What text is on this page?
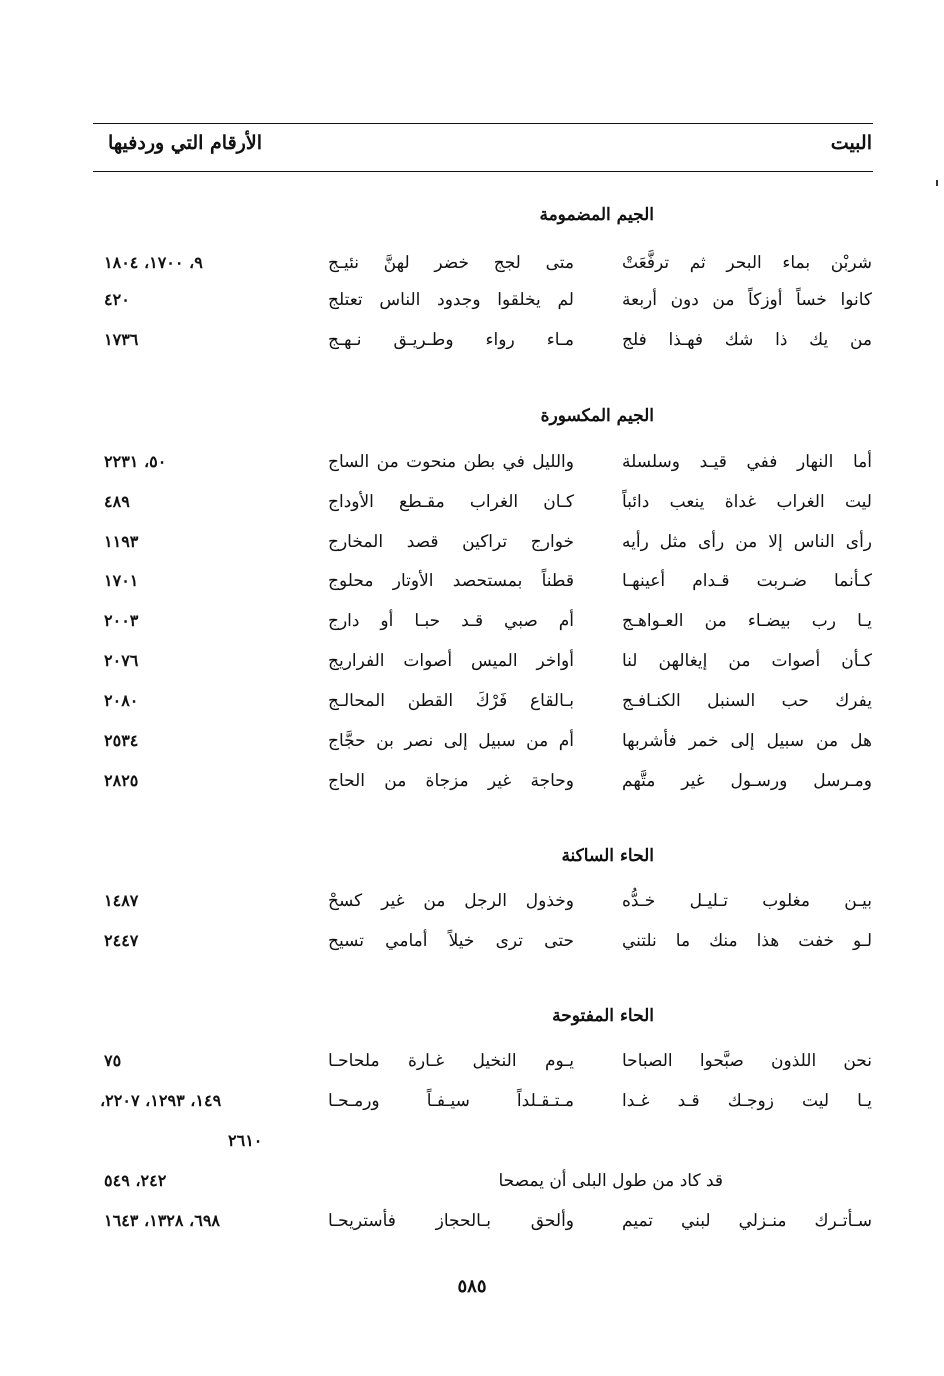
البيت
الأرقام التي وردفيها
الجيم المضمومة
شربْن بماء البحر ثم ترفَّعَتْ
متى لجج خضر لهنَّ نئيـج
٩، ١٧٠٠، ١٨٠٤
كانوا خساً أوزكاً من دون أربعة
لم يخلقوا وجدود الناس تعتلج
٤٢٠
من يك ذا شك فهـذا فلج
مـاء رواء وطـريـق نـهـج
١٧٣٦
الجيم المكسورة
أما النهار ففي قيـد وسلسلة
والليل في بطن منحوت من الساج
٥٠، ٢٢٣١
ليت الغراب غداة ينعب دائباً
كـان الغراب مقـطع الأوداج
٤٨٩
رأى الناس إلا من رأى مثل رأيه
خوارج تراكين قصد المخارج
١١٩٣
كـأنما ضـربت قـدام أعينهـا
قطناً بمستحصد الأوتار محلوج
١٧٠١
يـا رب بيضـاء من العـواهـج
أم صبي قـد حبـا أو دارج
٢٠٠٣
كـأن أصوات من إيغالهن لنا
أواخر الميس أصوات الفراريج
٢٠٧٦
يفرك حب السنبل الكنـافـج
بـالقاع فَرْكَ القطن المحالـج
٢٠٨٠
هل من سبيل إلى خمر فأشربها
أم من سبيل إلى نصر بن حجَّاج
٢٥٣٤
ومـرسل ورسـول غير متَّهم
وحاجة غير مزجاة من الحاج
٢٨٢٥
الحاء الساكنة
بيـن مغلوب تـليـل خـدُّه
وخذول الرجل من غير كسحْ
١٤٨٧
لـو خفت هذا منك ما نلتني
حتى ترى خيلاً أمامي تسيح
٢٤٤٧
الحاء المفتوحة
نحن اللذون صبَّحوا الصباحا
يـوم النخيل غـارة ملحاحـا
٧٥
يـا ليت زوجـك قـد غـدا
مـتـقـلداً سيـفـاً ورمـحـا
١٤٩، ١٢٩٣، ٢٢٠٧،
٢٦١٠
قد كاد من طول البلى أن يمصحا
٢٤٢، ٥٤٩
سـأتـرك منـزلي لبني تميم
وألحق بـالحجاز فأستريحـا
٦٩٨، ١٣٢٨، ١٦٤٣
٥٨٥
